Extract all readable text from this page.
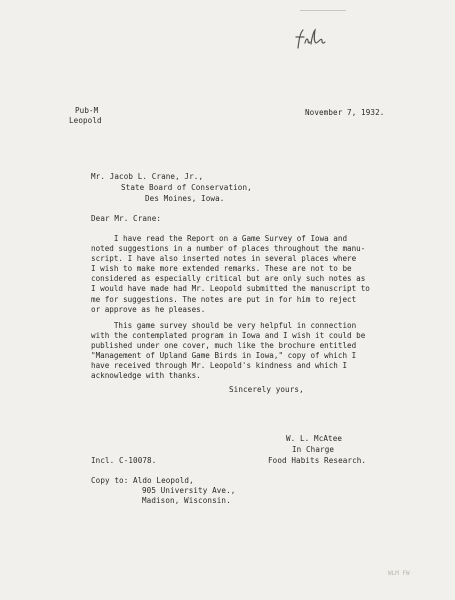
Pub-M
Leopold
November 7, 1932.
Mr. Jacob L. Crane, Jr.,
State Board of Conservation,
Des Moines, Iowa.
Dear Mr. Crane:
I have read the Report on a Game Survey of Iowa and
noted suggestions in a number of places throughout the manu-
script. I have also inserted notes in several places where
I wish to make more extended remarks. These are not to be
considered as especially critical but are only such notes as
I would have made had Mr. Leopold submitted the manuscript to
me for suggestions. The notes are put in for him to reject
or approve as he pleases.
This game survey should be very helpful in connection
with the contemplated program in Iowa and I wish it could be
published under one cover, much like the brochure entitled
"Management of Upland Game Birds in Iowa," copy of which I
have received through Mr. Leopold's kindness and which I
acknowledge with thanks.
Sincerely yours,
W. L. McAtee
In Charge
Food Habits Research.
Incl. C-10078.
Copy to: Aldo Leopold,
905 University Ave.,
Madison, Wisconsin.
WLM FW
